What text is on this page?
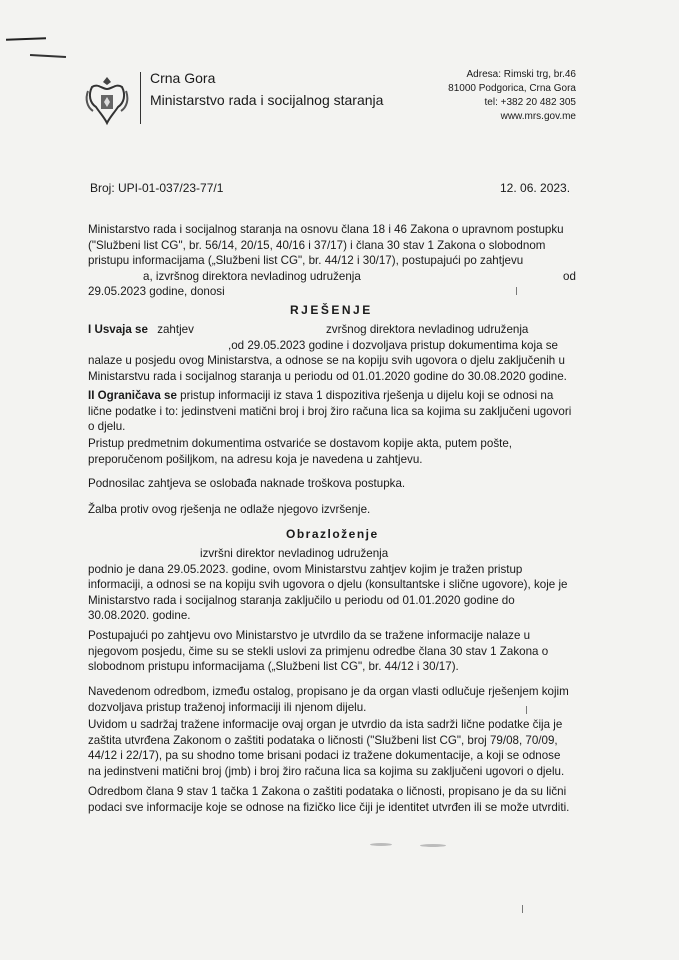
Crna Gora
Ministarstvo rada i socijalnog staranja
Adresa: Rimski trg, br.46
81000 Podgorica, Crna Gora
tel: +382 20 482 305
www.mrs.gov.me
Broj: UPI-01-037/23-77/1	12. 06. 2023.
Ministarstvo rada i socijalnog staranja na osnovu člana 18 i 46 Zakona o upravnom postupku
("Službeni list CG", br. 56/14, 20/15, 40/16 i 37/17) i člana 30 stav 1 Zakona o slobodnom
pristupu informacijama („Službeni list CG", br. 44/12 i 30/17), postupajući po zahtjevu
a, izvršnog direktora nevladinog udruženja	od
29.05.2023 godine, donosi
RJEŠENJE
I Usvaja se zahtjev	zvršnog direktora nevladinog udruženja
,od 29.05.2023 godine i dozvoljava pristup dokumentima koja se
nalaze u posjedu ovog Ministarstva, a odnose se na kopiju svih ugovora o djelu zaključenih u
Ministarstvu rada i socijalnog staranja u periodu od 01.01.2020 godine do 30.08.2020 godine.
II Ograničava se pristup informaciji iz stava 1 dispozitiva rješenja u dijelu koji se odnosi na
lične podatke i to: jedinstveni matični broj i broj žiro računa lica sa kojima su zaključeni ugovori
o djelu.
Pristup predmetnim dokumentima ostvariće se dostavom kopije akta, putem pošte,
preporučenom pošiljkom, na adresu koja je navedena u zahtjevu.
Podnosilac zahtjeva se oslobađa naknade troškova postupka.
Žalba protiv ovog rješenja ne odlaže njegovo izvršenje.
Obrazloženje
izvršni direktor nevladinog udruženja
podnio je dana 29.05.2023. godine, ovom Ministarstvu zahtjev kojim je tražen pristup
informaciji, a odnosi se na kopiju svih ugovora o djelu (konsultantske i slične ugovore), koje je
Ministarstvo rada i socijalnog staranja zaključilo u periodu od 01.01.2020 godine do
30.08.2020. godine.
Postupajući po zahtjevu ovo Ministarstvo je utvrdilo da se tražene informacije nalaze u
njegovom posjedu, čime su se stekli uslovi za primjenu odredbe člana 30 stav 1 Zakona o
slobodnom pristupu informacijama („Službeni list CG", br. 44/12 i 30/17).
Navedenom odredbom, između ostalog, propisano je da organ vlasti odlučuje rješenjem kojim
dozvoljava pristup traženoj informaciji ili njenom dijelu.
Uvidom u sadržaj tražene informacije ovaj organ je utvrdio da ista sadrži lične podatke čija je
zaštita utvrđena Zakonom o zaštiti podataka o ličnosti ("Službeni list CG", broj 79/08, 70/09,
44/12 i 22/17), pa su shodno tome brisani podaci iz tražene dokumentacije, a koji se odnose
na jedinstveni matični broj (jmb) i broj žiro računa lica sa kojima su zaključeni ugovori o djelu.
Odredbom člana 9 stav 1 tačka 1 Zakona o zaštiti podataka o ličnosti, propisano je da su lični
podaci sve informacije koje se odnose na fizičko lice čiji je identitet utvrđen ili se može utvrditi.
